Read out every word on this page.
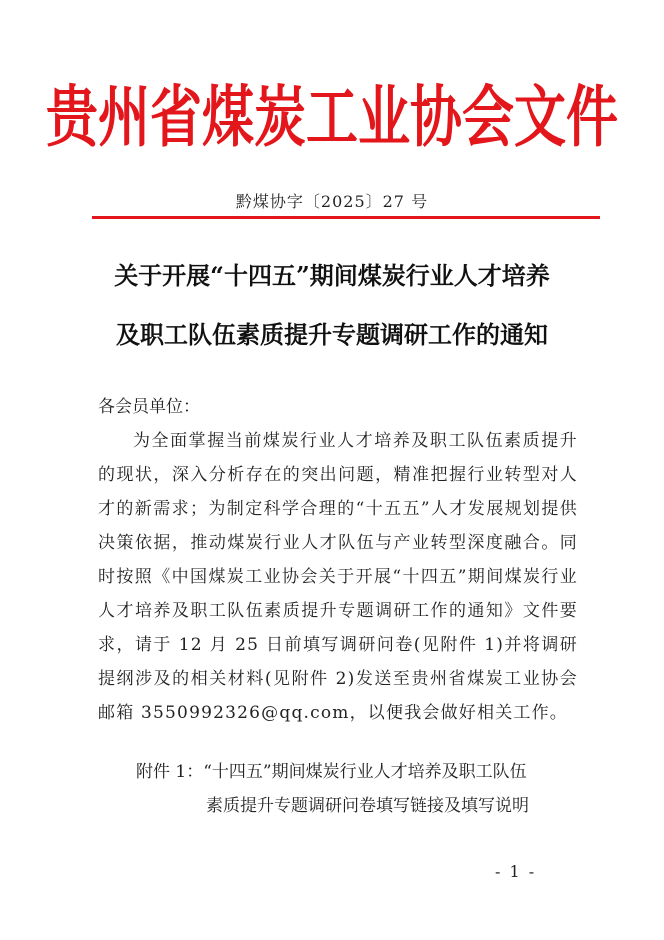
贵州省煤炭工业协会文件
黔煤协字〔2025〕27 号
关于开展“十四五”期间煤炭行业人才培养
及职工队伍素质提升专题调研工作的通知
各会员单位：
为全面掌握当前煤炭行业人才培养及职工队伍素质提升的现状，深入分析存在的突出问题，精准把握行业转型对人才的新需求；为制定科学合理的“十五五”人才发展规划提供决策依据，推动煤炭行业人才队伍与产业转型深度融合。同时按照《中国煤炭工业协会关于开展“十四五”期间煤炭行业人才培养及职工队伍素质提升专题调研工作的通知》文件要求，请于 12 月 25 日前填写调研问卷(见附件 1)并将调研提纲涉及的相关材料(见附件 2)发送至贵州省煤炭工业协会邮箱 3550992326@qq.com，以便我会做好相关工作。
附件 1：“十四五”期间煤炭行业人才培养及职工队伍
素质提升专题调研问卷填写链接及填写说明
- 1 -
